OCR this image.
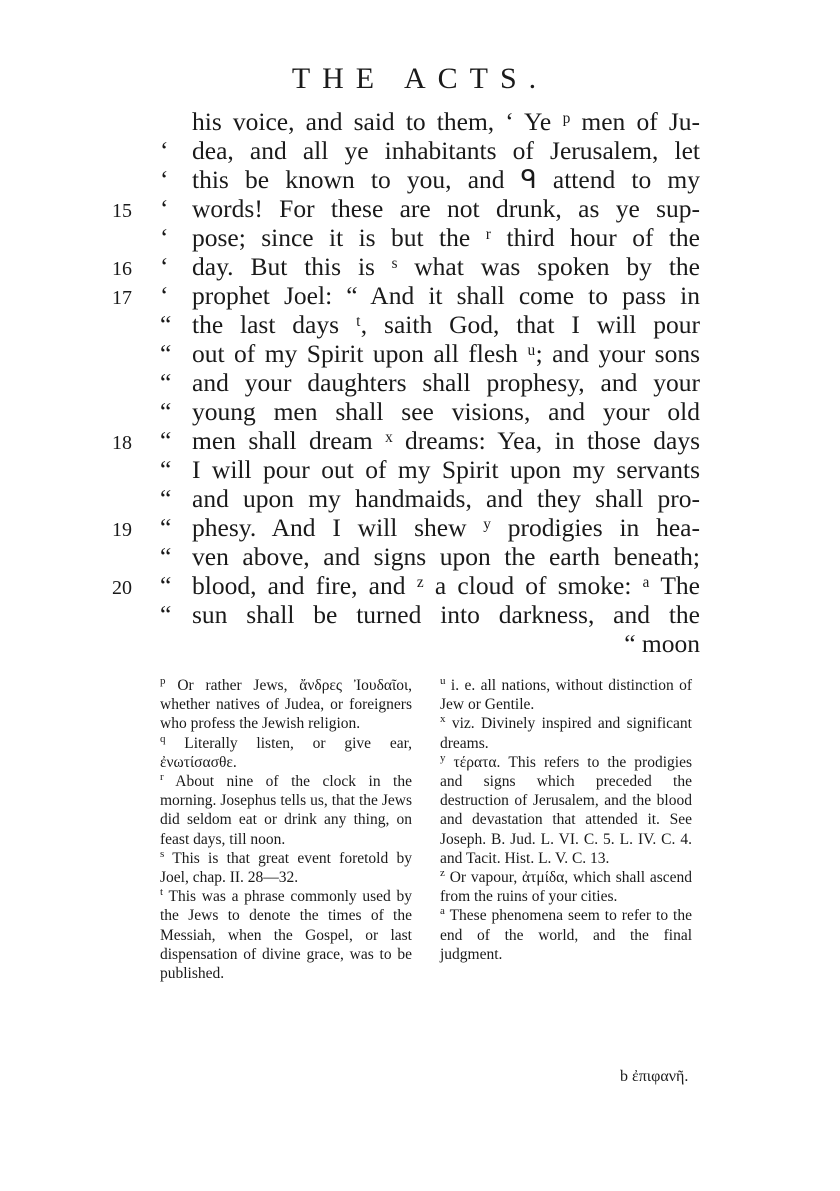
THE ACTS.
his voice, and said to them, ‘ Ye ᵖ men of Ju-
‘ dea, and all ye inhabitants of Jerusalem, let
‘ this be known to you, and ᑫ attend to my
‘ words! For these are not drunk, as ye sup-
‘ pose; since it is but the ʳ third hour of the
‘ day. But this is ˢ what was spoken by the
‘ prophet Joel: “ And it shall come to pass in
“ the last days ᵗ, saith God, that I will pour
“ out of my Spirit upon all flesh ᵘ; and your sons
“ and your daughters shall prophesy, and your
“ young men shall see visions, and your old
“ men shall dream ˣ dreams: Yea, in those days
“ I will pour out of my Spirit upon my servants
“ and upon my handmaids, and they shall pro-
“ phesy. And I will shew ʸ prodigies in hea-
“ ven above, and signs upon the earth beneath;
“ blood, and fire, and ᶻ a cloud of smoke: ᵃ The
“ sun shall be turned into darkness, and the
“ moon
15
16
17
18
19
20

$^p$ Or rather Jews, ἄνδρες Ἰουδαῖοι, whether natives of Judea, or foreigners who profess the Jewish religion.

$^q$ Literally listen, or give ear, ἐνωτίσασθε.

$^r$ About nine of the clock in the morning. Josephus tells us, that the Jews did seldom eat or drink any thing, on feast days, till noon.

$^s$ This is that great event foretold by Joel, chap. II. 28—32.

$^t$ This was a phrase commonly used by the Jews to denote the times of the Messiah, when the Gospel, or last dispensation of divine grace, was to be published.

$^u$ i. e. all nations, without distinction of Jew or Gentile.

$^x$ viz. Divinely inspired and significant dreams.

$^y$ τέρατα. This refers to the prodigies and signs which preceded the destruction of Jerusalem, and the blood and devastation that attended it. See Joseph. B. Jud. L. VI. C. 5. L. IV. C. 4. and Tacit. Hist. L. V. C. 13.

$^z$ Or vapour, ἀτμίδα, which shall ascend from the ruins of your cities.

$^a$ These phenomena seem to refer to the end of the world, and the final judgment.

b ἐπιφανῆ.
